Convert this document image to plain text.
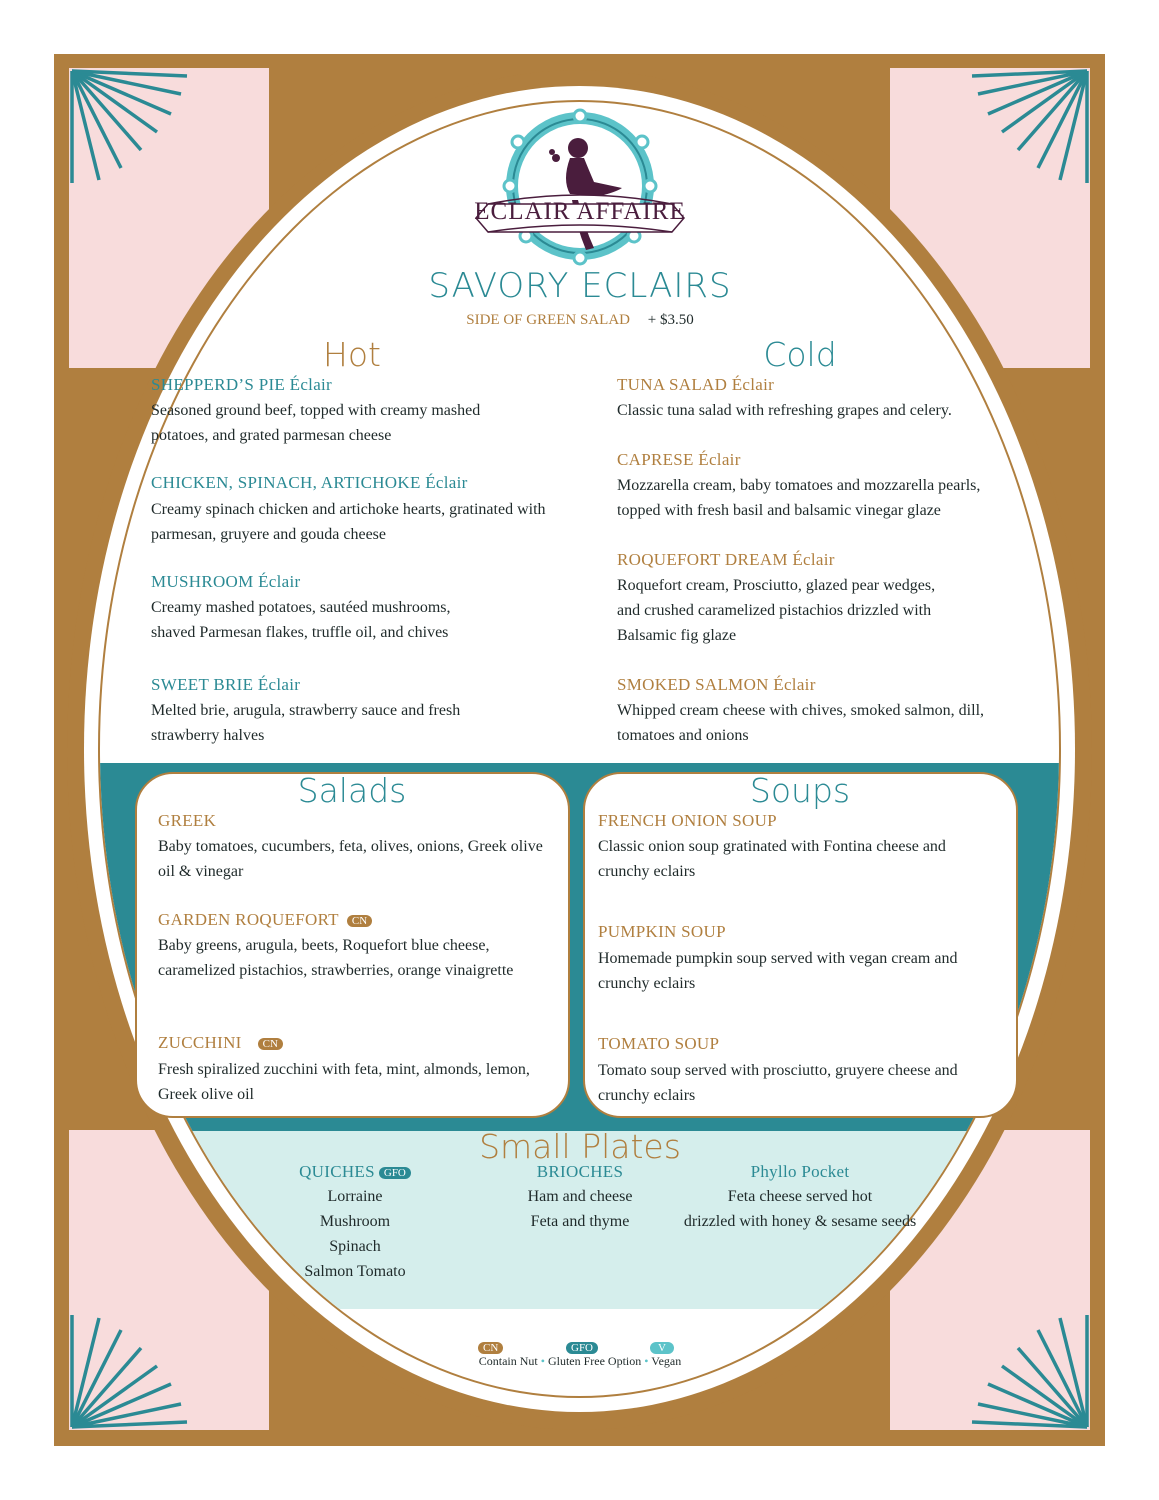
ECLAIR AFFAIRE
SAVORY ECLAIRS
SIDE OF GREEN SALAD + $3.50
Hot
SHEPPERD’S PIE Éclair
Seasoned ground beef, topped with creamy mashed potatoes, and grated parmesan cheese
CHICKEN, SPINACH, ARTICHOKE Éclair
Creamy spinach chicken and artichoke hearts, gratinated with parmesan, gruyere and gouda cheese
MUSHROOM Éclair
Creamy mashed potatoes, sautéed mushrooms, shaved Parmesan flakes, truffle oil, and chives
SWEET BRIE Éclair
Melted brie, arugula, strawberry sauce and fresh strawberry halves
Cold
TUNA SALAD Éclair
Classic tuna salad with refreshing grapes and celery.
CAPRESE Éclair
Mozzarella cream, baby tomatoes and mozzarella pearls, topped with fresh basil and balsamic vinegar glaze
ROQUEFORT DREAM Éclair
Roquefort cream, Prosciutto, glazed pear wedges, and crushed caramelized pistachios drizzled with Balsamic fig glaze
SMOKED SALMON Éclair
Whipped cream cheese with chives, smoked salmon, dill, tomatoes and onions
Salads
GREEK
Baby tomatoes, cucumbers, feta, olives, onions, Greek olive oil & vinegar
GARDEN ROQUEFORT CN
Baby greens, arugula, beets, Roquefort blue cheese, caramelized pistachios, strawberries, orange vinaigrette
ZUCCHINI CN
Fresh spiralized zucchini with feta, mint, almonds, lemon, Greek olive oil
Soups
FRENCH ONION SOUP
Classic onion soup gratinated with Fontina cheese and crunchy eclairs
PUMPKIN SOUP
Homemade pumpkin soup served with vegan cream and crunchy eclairs
TOMATO SOUP
Tomato soup served with prosciutto, gruyere cheese and crunchy eclairs
Small Plates
QUICHES GFO
Lorraine
Mushroom
Spinach
Salmon Tomato
BRIOCHES
Ham and cheese
Feta and thyme
Phyllo Pocket
Feta cheese served hot
drizzled with honey & sesame seeds
CN	GFO	V
Contain Nut • Gluten Free Option • Vegan
